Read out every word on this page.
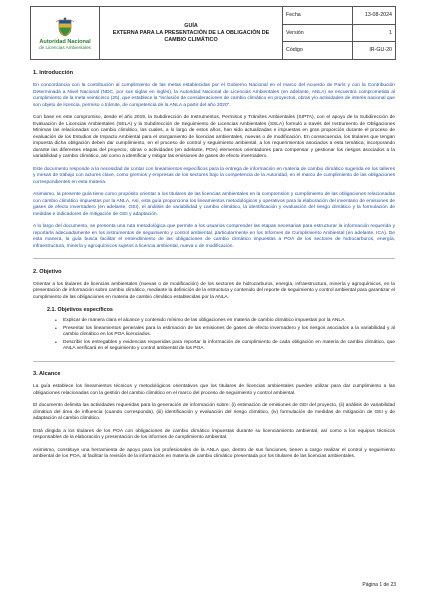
Autoridad Nacional
de Licencias Ambientales
GUÍA
EXTERNA PARA LA PRESENTACIÓN DE LA OBLIGACIÓN DE CAMBIO CLIMÁTICO
Fecha	13-08-2024
Versión	1
Código	IR-GU-20
1. Introducción

En concordancia con la contribución al cumplimiento de las metas establecidas por el Gobierno Nacional en el marco del Acuerdo de París y con la Contribución Determinada a Nivel Nacional (NDC, por sus siglas en inglés), la Autoridad Nacional de Licencias Ambientales (en adelante, ANLA) se encuentra comprometida al cumplimiento de la meta veinticinco (25), que establece la "inclusión de consideraciones de cambio climático en proyectos, obras y/o actividades de interés nacional que son objeto de licencia, permiso o trámite, de competencia de la ANLA a partir del año 2020".

Con base en este compromiso, desde el año 2019, la Subdirección de Instrumentos, Permisos y Trámites Ambientales (SIPTA), con el apoyo de la Subdirección de Evaluación de Licencias Ambientales (SELA) y la Subdirección de Seguimiento de Licencias Ambientales (SSLA) formuló a través del Instrumento de Obligaciones Mínimas las relacionadas con cambio climático, las cuales, a lo largo de estos años, han sido actualizadas e impuestas en gran proporción durante el proceso de evaluación de los Estudios de Impacto Ambiental para el otorgamiento de licencias ambientales, nuevas o de modificación. En consecuencia, los titulares que tengan impuesta dicha obligación deben dar cumplimiento, en el proceso de control y seguimiento ambiental, a los requerimientos asociados a esta temática, incorporando durante las diferentes etapas del proyecto, obras o actividades (en adelante, POA) elementos orientadores para compensar y gestionar los riesgos asociados a la variabilidad y cambio climático, así como a identificar y mitigar las emisiones de gases de efecto invernadero.

Este documento responde a la necesidad de contar con lineamientos específicos para la entrega de información en materia de cambio climático sugerida en los talleres y mesas de trabajo con actores clave, como gremios y empresas de los sectores bajo la competencia de la Autoridad, en el marco de cumplimiento de las obligaciones correspondientes en esta materia.

Asimismo, la presente guía tiene como propósito orientar a los titulares de las licencias ambientales en la comprensión y cumplimiento de las obligaciones relacionadas con cambio climático impuestas por la ANLA. Así, esta guía proporciona los lineamientos metodológicos y operativos para la elaboración del inventario de emisiones de gases de efecto invernadero (en adelante, GEI), el análisis de variabilidad y cambio climático, la identificación y evaluación del riesgo climático y la formulación de medidas e indicadores de mitigación de GEI y adaptación.

A lo largo del documento, se presenta una ruta metodológica que permite a los usuarios comprender las etapas necesarias para estructurar la información requerida y reportarla adecuadamente en los instrumentos de seguimiento y control ambiental, particularmente en los Informes de Cumplimiento Ambiental (en adelante, ICA). De esta manera, la guía busca facilitar el entendimiento de las obligaciones de cambio climático impuestas a POA de los sectores de hidrocarburos, energía, infraestructura, minería y agroquímicos sujetos a licencia ambiental, nueva o de modificación.

2. Objetivo

Orientar a los titulares de licencias ambientales (nuevas o de modificación) de los sectores de hidrocarburos, energía, infraestructura, minería y agroquímicos, en la presentación de información sobre cambio climático, mediante la definición de la estructura y contenido del reporte de seguimiento y control ambiental para garantizar el cumplimiento de las obligaciones en materia de cambio climático establecidas por la ANLA.

2.1. Objetivos específicos
• Explicar de manera clara el alcance y contenido mínimo de las obligaciones en materia de cambio climático impuestas por la ANLA.
• Presentar los lineamientos generales para la estimación de las emisiones de gases de efecto invernadero y los riesgos asociados a la variabilidad y al cambio climático en los POA licenciados.
• Describir los entregables y evidencias requeridas para reportar la información de cumplimiento de cada obligación en materia de cambio climático, que ANLA verificará en el seguimiento y control ambiental de los POA.
3. Alcance

La guía establece los lineamientos técnicos y metodológicos orientativos que los titulares de licencias ambientales pueden utilizar para dar cumplimiento a las obligaciones relacionadas con la gestión del cambio climático en el marco del proceso de seguimiento y control ambiental.

El documento delimita las actividades requeridas para la generación de información sobre: (i) estimación de emisiones de GEI del proyecto, (ii) análisis de variabilidad climática del área de influencia (cuando corresponda), (iii) identificación y evaluación del riesgo climático, (iv) formulación de medidas de mitigación de GEI y de adaptación al cambio climático.

Está dirigida a los titulares de los POA con obligaciones de cambio climático impuestas durante su licenciamiento ambiental, así como a los equipos técnicos responsables de la elaboración y presentación de los informes de cumplimiento ambiental.

Asimismo, constituye una herramienta de apoyo para los profesionales de la ANLA que, dentro de sus funciones, tienen a cargo realizar el control y seguimiento ambiental de los POA, al facilitar la revisión de la información en materia de cambio climático presentada por los titulares de las licencias ambientales.

Página 1 de 23
